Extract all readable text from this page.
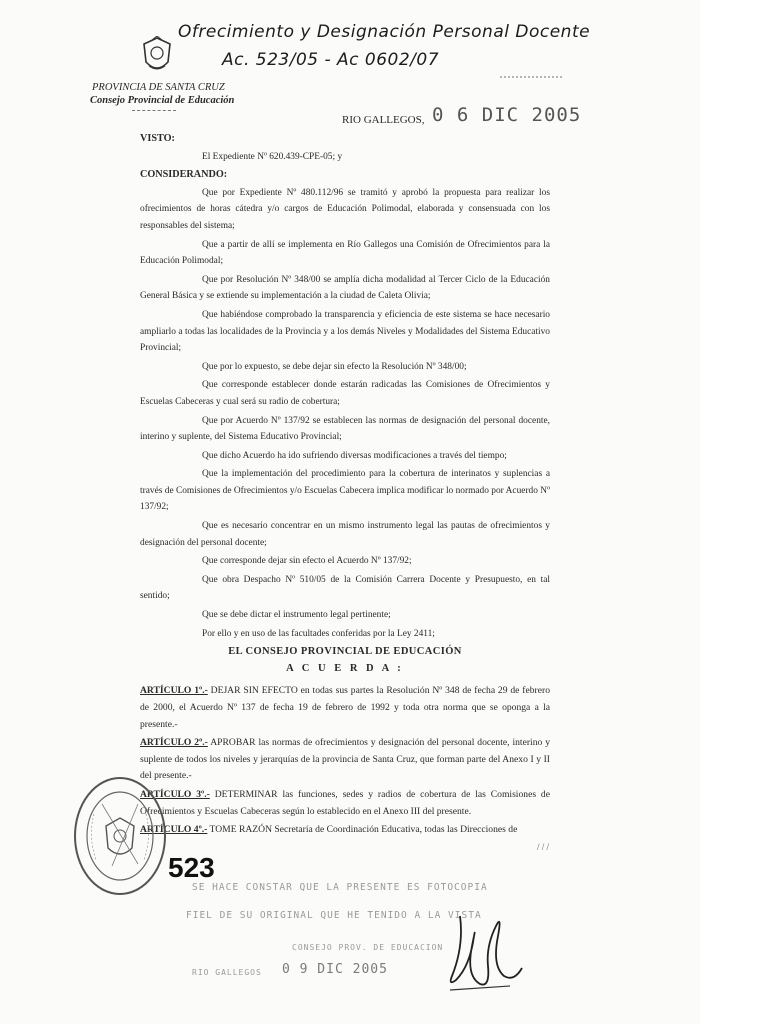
Ofrecimiento y Designación Personal Docente
Ac. 523/05 - Ac 0602/07
PROVINCIA DE SANTA CRUZ
Consejo Provincial de Educación
RIO GALLEGOS, 0 6 DIC 2005
VISTO:

El Expediente Nº 620.439-CPE-05; y

CONSIDERANDO:

Que por Expediente Nº 480.112/96 se tramitó y aprobó la propuesta para realizar los ofrecimientos de horas cátedra y/o cargos de Educación Polimodal, elaborada y consensuada con los responsables del sistema;

Que a partir de allí se implementa en Río Gallegos una Comisión de Ofrecimientos para la Educación Polimodal;

Que por Resolución Nº 348/00 se amplía dicha modalidad al Tercer Ciclo de la Educación General Básica y se extiende su implementación a la ciudad de Caleta Olivia;

Que habiéndose comprobado la transparencia y eficiencia de este sistema se hace necesario ampliarlo a todas las localidades de la Provincia y a los demás Niveles y Modalidades del Sistema Educativo Provincial;

Que por lo expuesto, se debe dejar sin efecto la Resolución Nº 348/00;

Que corresponde establecer donde estarán radicadas las Comisiones de Ofrecimientos y Escuelas Cabeceras y cual será su radio de cobertura;

Que por Acuerdo Nº 137/92 se establecen las normas de designación del personal docente, interino y suplente, del Sistema Educativo Provincial;

Que dicho Acuerdo ha ido sufriendo diversas modificaciones a través del tiempo;

Que la implementación del procedimiento para la cobertura de interinatos y suplencias a través de Comisiones de Ofrecimientos y/o Escuelas Cabecera implica modificar lo normado por Acuerdo Nº 137/92;

Que es necesario concentrar en un mismo instrumento legal las pautas de ofrecimientos y designación del personal docente;

Que corresponde dejar sin efecto el Acuerdo Nº 137/92;

Que obra Despacho Nº 510/05 de la Comisión Carrera Docente y Presupuesto, en tal sentido;

Que se debe dictar el instrumento legal pertinente;

Por ello y en uso de las facultades conferidas por la Ley 2411;

EL CONSEJO PROVINCIAL DE EDUCACIÓN
A C U E R D A :

ARTÍCULO 1º.- DEJAR SIN EFECTO en todas sus partes la Resolución Nº 348 de fecha 29 de febrero de 2000, el Acuerdo Nº 137 de fecha 19 de febrero de 1992 y toda otra norma que se oponga a la presente.-

ARTÍCULO 2º.- APROBAR las normas de ofrecimientos y designación del personal docente, interino y suplente de todos los niveles y jerarquías de la provincia de Santa Cruz, que forman parte del Anexo I y II del presente.-

ARTÍCULO 3º.- DETERMINAR las funciones, sedes y radios de cobertura de las Comisiones de Ofrecimientos y Escuelas Cabeceras según lo establecido en el Anexo III del presente.

ARTÍCULO 4º.- TOME RAZÓN Secretaría de Coordinación Educativa, todas las Direcciones de

/ / /
523
SE HACE CONSTAR QUE LA PRESENTE ES FOTOCOPIA
FIEL DE SU ORIGINAL QUE HE TENIDO A LA VISTA
CONSEJO PROV. DE EDUCACION
RIO GALLEGOS 0 9 DIC 2005
